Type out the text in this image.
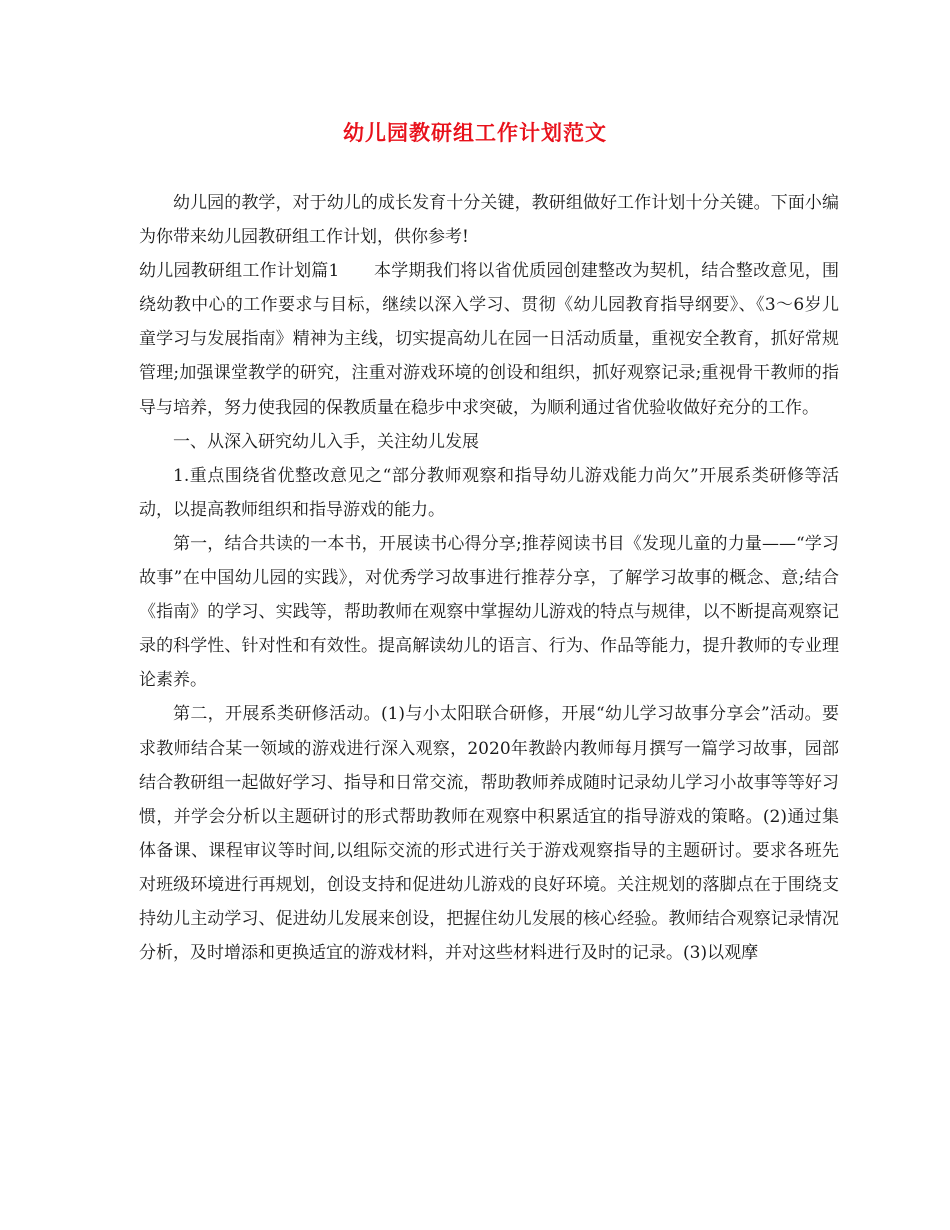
幼儿园教研组工作计划范文

幼儿园的教学，对于幼儿的成长发育十分关键，教研组做好工作计划十分关键。下面小编为你带来幼儿园教研组工作计划，供你参考!

幼儿园教研组工作计划篇1　　本学期我们将以省优质园创建整改为契机，结合整改意见，围绕幼教中心的工作要求与目标，继续以深入学习、贯彻《幼儿园教育指导纲要》、《3～6岁儿童学习与发展指南》精神为主线，切实提高幼儿在园一日活动质量，重视安全教育，抓好常规管理;加强课堂教学的研究，注重对游戏环境的创设和组织，抓好观察记录;重视骨干教师的指导与培养，努力使我园的保教质量在稳步中求突破，为顺利通过省优验收做好充分的工作。

一、从深入研究幼儿入手，关注幼儿发展

1.重点围绕省优整改意见之“部分教师观察和指导幼儿游戏能力尚欠”开展系类研修等活动，以提高教师组织和指导游戏的能力。

第一，结合共读的一本书，开展读书心得分享;推荐阅读书目《发现儿童的力量——“学习故事”在中国幼儿园的实践》，对优秀学习故事进行推荐分享，了解学习故事的概念、意;结合《指南》的学习、实践等，帮助教师在观察中掌握幼儿游戏的特点与规律，以不断提高观察记录的科学性、针对性和有效性。提高解读幼儿的语言、行为、作品等能力，提升教师的专业理论素养。

第二，开展系类研修活动。(1)与小太阳联合研修，开展“幼儿学习故事分享会”活动。要求教师结合某一领域的游戏进行深入观察，2020年教龄内教师每月撰写一篇学习故事，园部结合教研组一起做好学习、指导和日常交流，帮助教师养成随时记录幼儿学习小故事等等好习惯，并学会分析以主题研讨的形式帮助教师在观察中积累适宜的指导游戏的策略。(2)通过集体备课、课程审议等时间,以组际交流的形式进行关于游戏观察指导的主题研讨。要求各班先对班级环境进行再规划，创设支持和促进幼儿游戏的良好环境。关注规划的落脚点在于围绕支持幼儿主动学习、促进幼儿发展来创设，把握住幼儿发展的核心经验。教师结合观察记录情况分析，及时增添和更换适宜的游戏材料，并对这些材料进行及时的记录。(3)以观摩
